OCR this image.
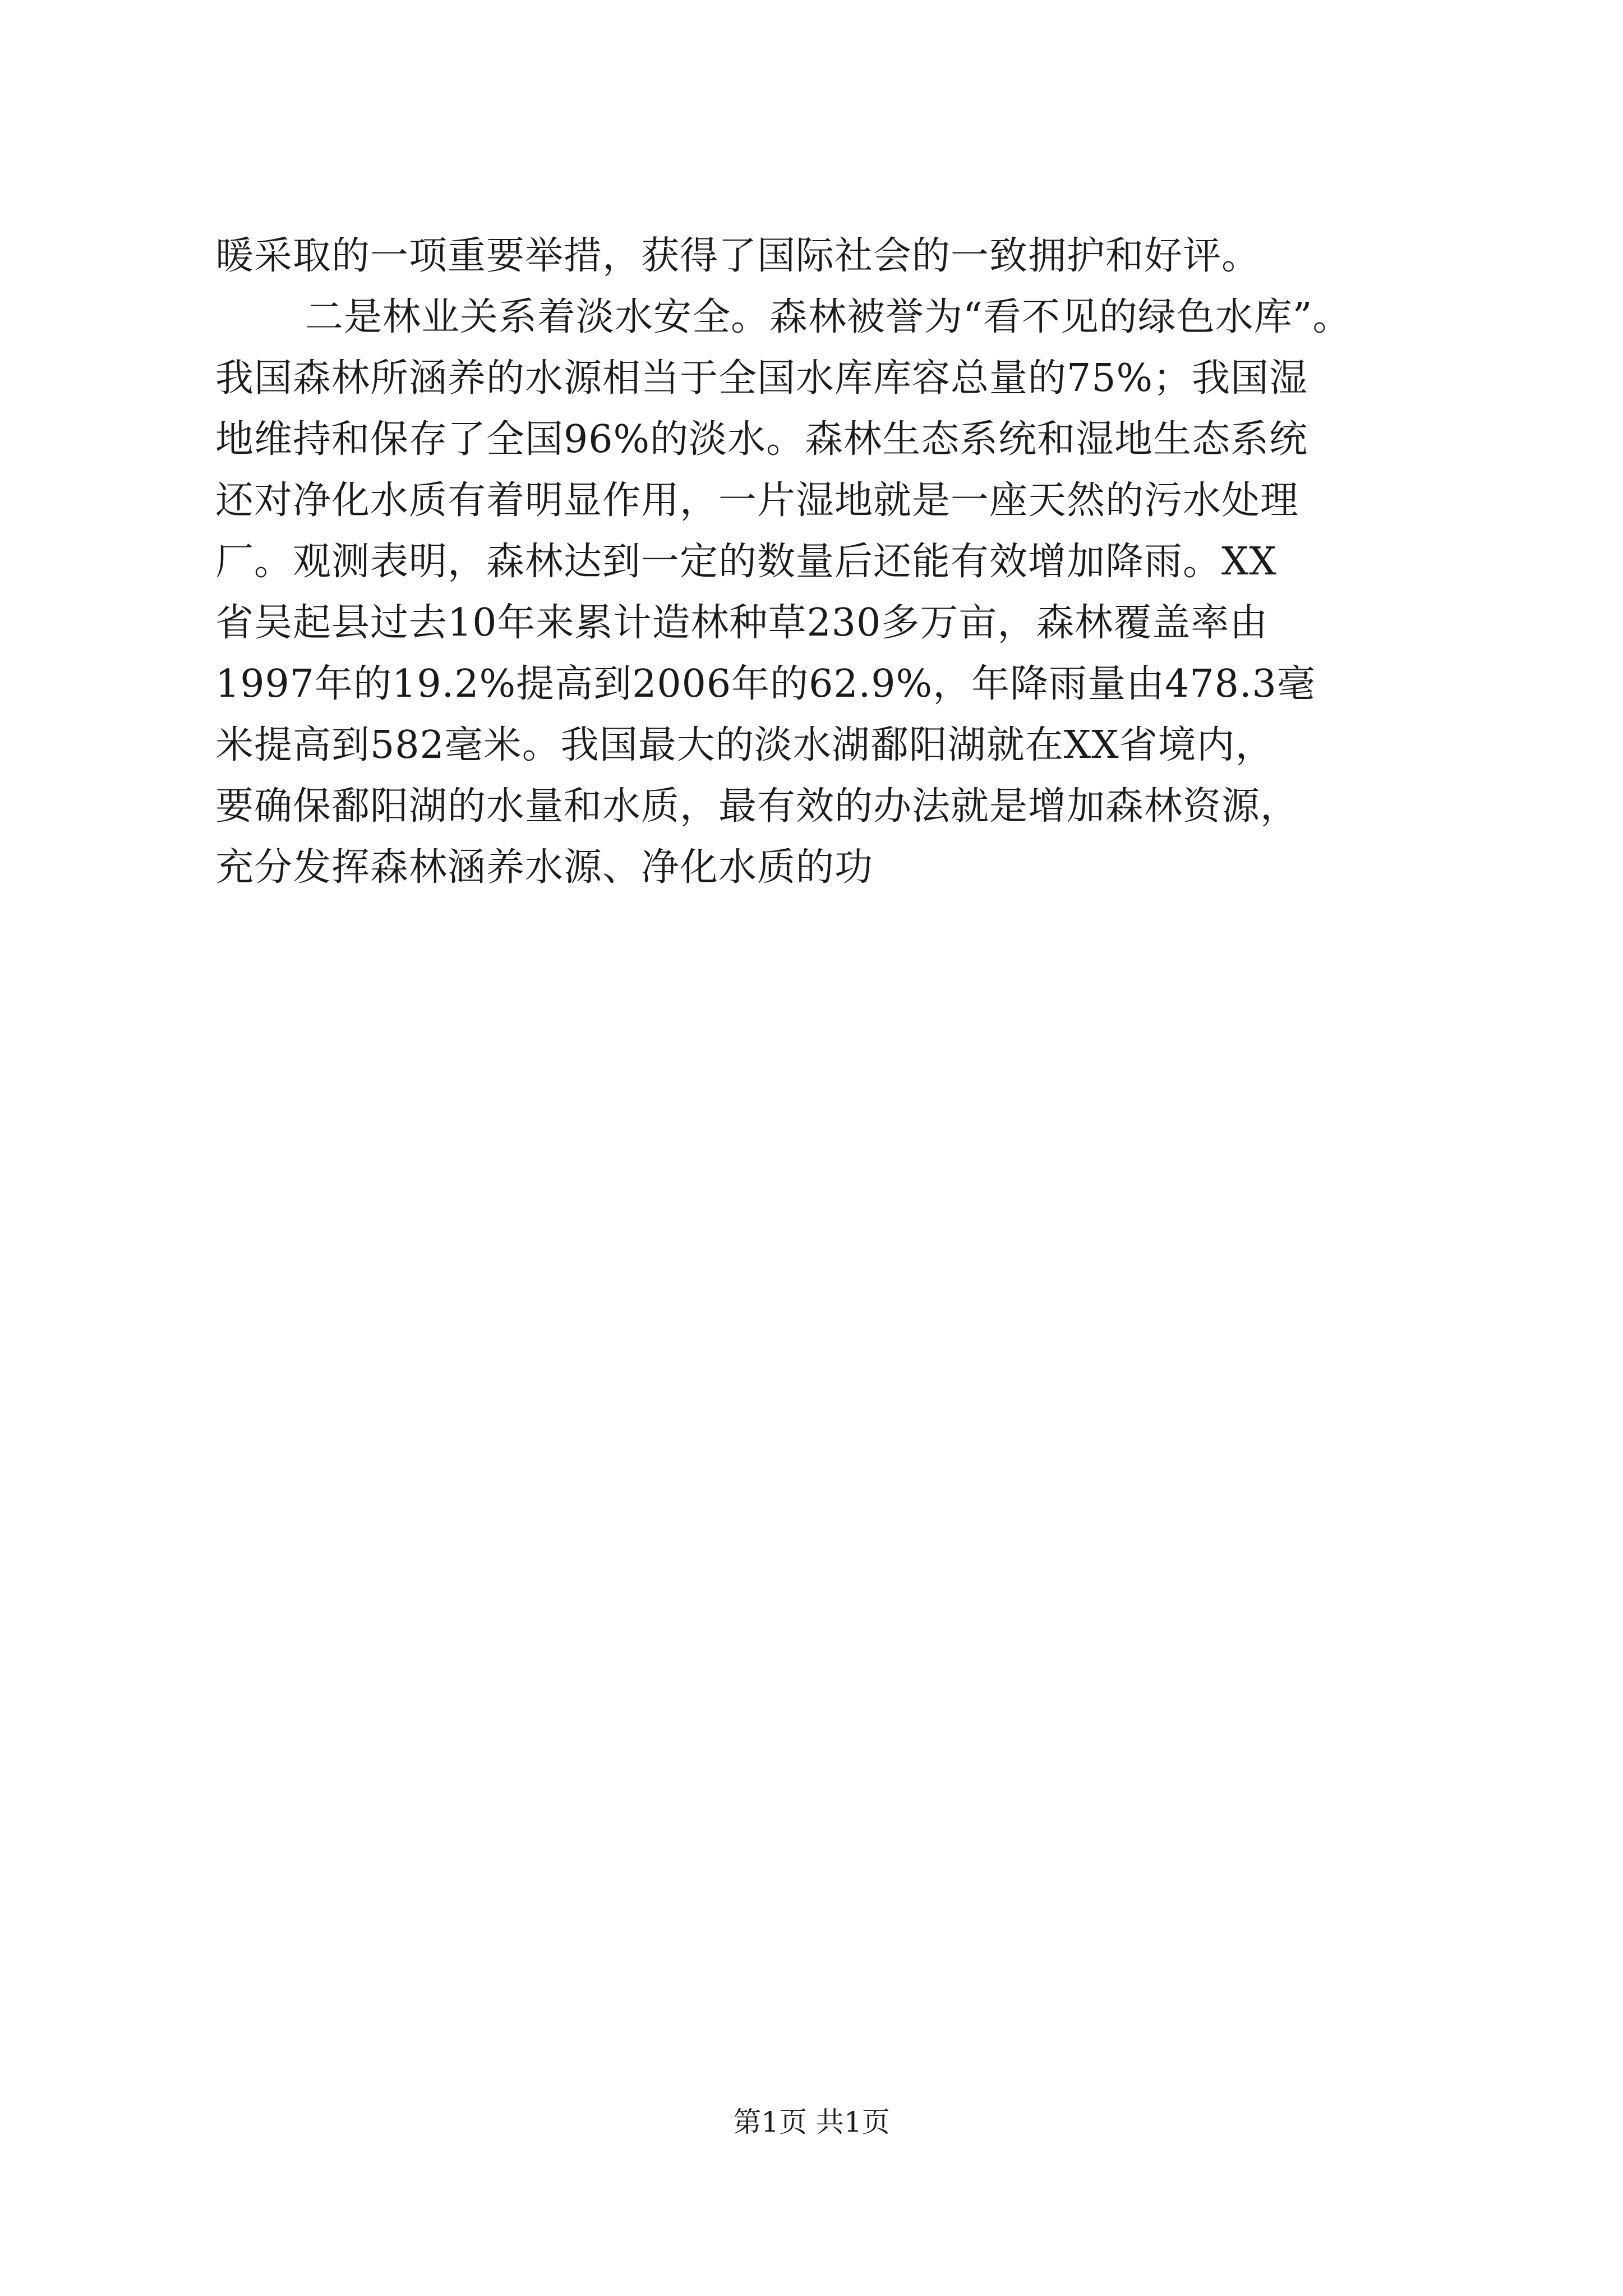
暖采取的一项重要举措，获得了国际社会的一致拥护和好评。
二是林业关系着淡水安全。森林被誉为“看不见的绿色水库”。
我国森林所涵养的水源相当于全国水库库容总量的75%；我国湿
地维持和保存了全国96%的淡水。森林生态系统和湿地生态系统
还对净化水质有着明显作用，一片湿地就是一座天然的污水处理
厂。观测表明，森林达到一定的数量后还能有效增加降雨。XX
省吴起县过去10年来累计造林种草230多万亩，森林覆盖率由
1997年的19.2%提高到2006年的62.9%，年降雨量由478.3毫
米提高到582毫米。我国最大的淡水湖鄱阳湖就在XX省境内，
要确保鄱阳湖的水量和水质，最有效的办法就是增加森林资源，
充分发挥森林涵养水源、净化水质的功
第1页 共1页
